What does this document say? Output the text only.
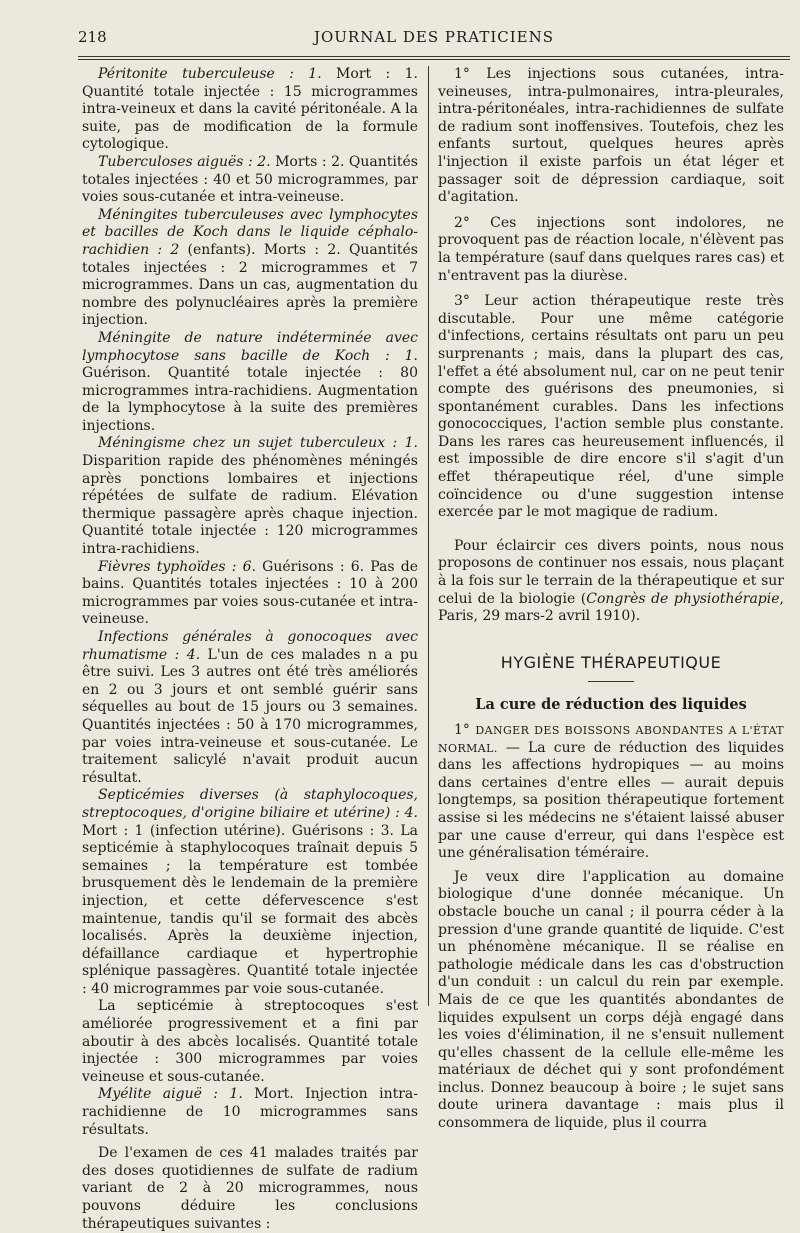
218	JOURNAL DES PRATICIENS

Péritonite tuberculeuse : 1. Mort : 1. Quantité totale injectée : 15 microgrammes intra-veineux et dans la cavité péritonéale. A la suite, pas de modification de la formule cytologique.

Tuberculoses aiguës : 2. Morts : 2. Quantités totales injectées : 40 et 50 microgrammes, par voies sous-cutanée et intra-veineuse.

Méningites tuberculeuses avec lymphocytes et bacilles de Koch dans le liquide céphalo-rachidien : 2 (enfants). Morts : 2. Quantités totales injectées : 2 microgrammes et 7 microgrammes. Dans un cas, augmentation du nombre des polynucléaires après la première injection.

Méningite de nature indéterminée avec lymphocytose sans bacille de Koch : 1. Guérison. Quantité totale injectée : 80 microgrammes intra-rachidiens. Augmentation de la lymphocytose à la suite des premières injections.

Méningisme chez un sujet tuberculeux : 1. Disparition rapide des phénomènes méningés après ponctions lombaires et injections répétées de sulfate de radium. Elévation thermique passagère après chaque injection. Quantité totale injectée : 120 microgrammes intra-rachidiens.

Fièvres typhoïdes : 6. Guérisons : 6. Pas de bains. Quantités totales injectées : 10 à 200 microgrammes par voies sous-cutanée et intra-veineuse.

Infections générales à gonocoques avec rhumatisme : 4. L'un de ces malades n a pu être suivi. Les 3 autres ont été très améliorés en 2 ou 3 jours et ont semblé guérir sans séquelles au bout de 15 jours ou 3 semaines. Quantités injectées : 50 à 170 microgrammes, par voies intra-veineuse et sous-cutanée. Le traitement salicylé n'avait produit aucun résultat.

Septicémies diverses (à staphylocoques, streptocoques, d'origine biliaire et utérine) : 4. Mort : 1 (infection utérine). Guérisons : 3. La septicémie à staphylocoques traînait depuis 5 semaines ; la température est tombée brusquement dès le lendemain de la première injection, et cette défervescence s'est maintenue, tandis qu'il se formait des abcès localisés. Après la deuxième injection, défaillance cardiaque et hypertrophie splénique passagères. Quantité totale injectée : 40 microgrammes par voie sous-cutanée.

La septicémie à streptocoques s'est améliorée progressivement et a fini par aboutir à des abcès localisés. Quantité totale injectée : 300 microgrammes par voies veineuse et sous-cutanée.

Myélite aiguë : 1. Mort. Injection intra-rachidienne de 10 microgrammes sans résultats.

De l'examen de ces 41 malades traités par des doses quotidiennes de sulfate de radium variant de 2 à 20 microgrammes, nous pouvons déduire les conclusions thérapeutiques suivantes :

1° Les injections sous cutanées, intra-veineuses, intra-pulmonaires, intra-pleurales, intra-péritonéales, intra-rachidiennes de sulfate de radium sont inoffensives. Toutefois, chez les enfants surtout, quelques heures après l'injection il existe parfois un état léger et passager soit de dépression cardiaque, soit d'agitation.

2° Ces injections sont indolores, ne provoquent pas de réaction locale, n'élèvent pas la température (sauf dans quelques rares cas) et n'entravent pas la diurèse.

3° Leur action thérapeutique reste très discutable. Pour une même catégorie d'infections, certains résultats ont paru un peu surprenants ; mais, dans la plupart des cas, l'effet a été absolument nul, car on ne peut tenir compte des guérisons des pneumonies, si spontanément curables. Dans les infections gonococciques, l'action semble plus constante. Dans les rares cas heureusement influencés, il est impossible de dire encore s'il s'agit d'un effet thérapeutique réel, d'une simple coïncidence ou d'une suggestion intense exercée par le mot magique de radium.

Pour éclaircir ces divers points, nous nous proposons de continuer nos essais, nous plaçant à la fois sur le terrain de la thérapeutique et sur celui de la biologie (Congrès de physiothérapie, Paris, 29 mars-2 avril 1910).

HYGIÈNE THÉRAPEUTIQUE
La cure de réduction des liquides

1° DANGER DES BOISSONS ABONDANTES A L'ÉTAT NORMAL. — La cure de réduction des liquides dans les affections hydropiques — au moins dans certaines d'entre elles — aurait depuis longtemps, sa position thérapeutique fortement assise si les médecins ne s'étaient laissé abuser par une cause d'erreur, qui dans l'espèce est une généralisation téméraire.

Je veux dire l'application au domaine biologique d'une donnée mécanique. Un obstacle bouche un canal ; il pourra céder à la pression d'une grande quantité de liquide. C'est un phénomène mécanique. Il se réalise en pathologie médicale dans les cas d'obstruction d'un conduit : un calcul du rein par exemple. Mais de ce que les quantités abondantes de liquides expulsent un corps déjà engagé dans les voies d'élimination, il ne s'ensuit nullement qu'elles chassent de la cellule elle-même les matériaux de déchet qui y sont profondément inclus. Donnez beaucoup à boire ; le sujet sans doute urinera davantage : mais plus il consommera de liquide, plus il courra
